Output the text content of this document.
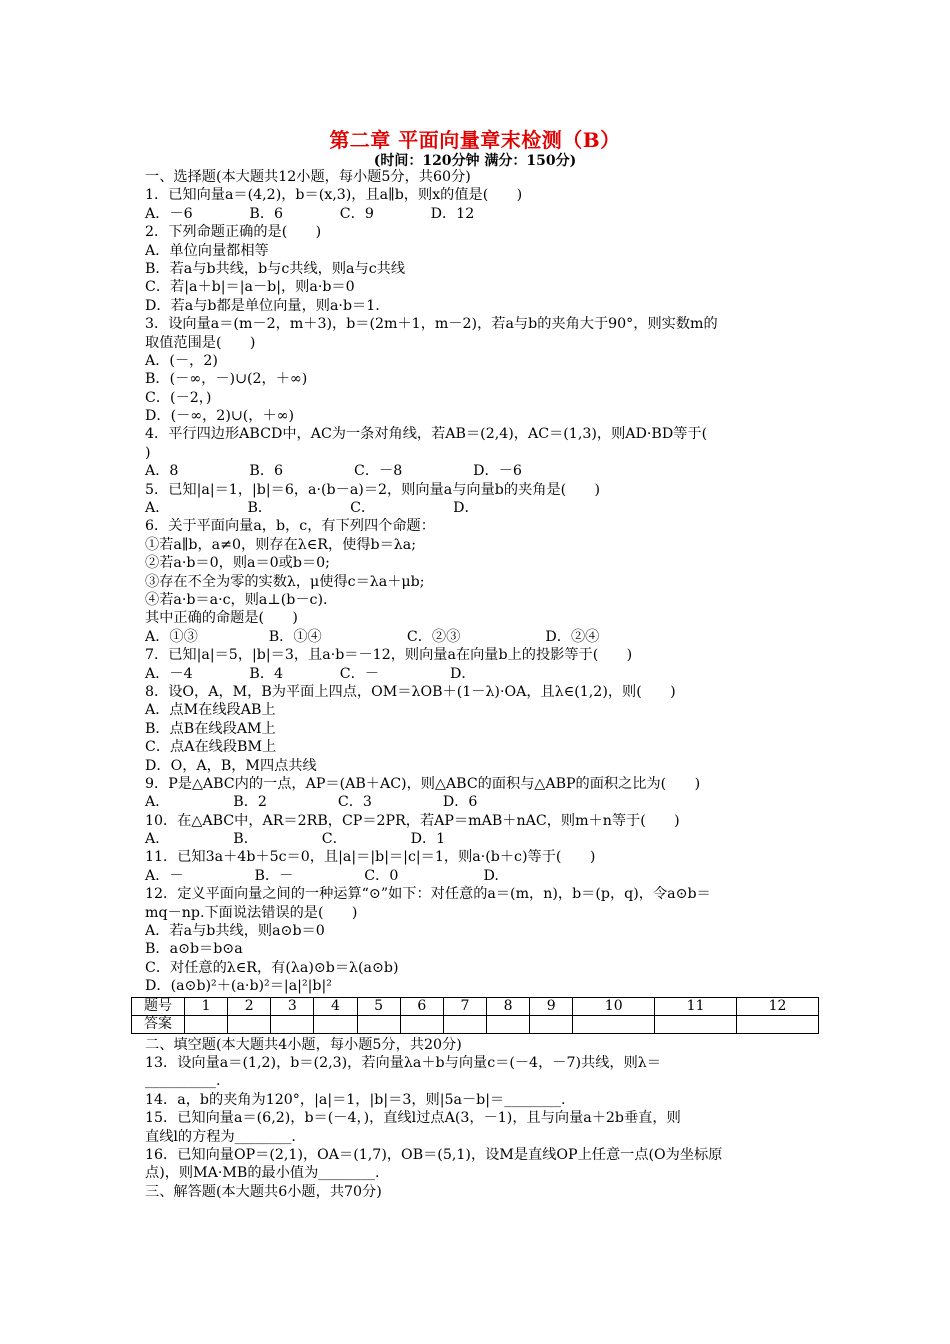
第二章 平面向量章末检测（B）
(时间：120分钟 满分：150分)
一、选择题(本大题共12小题，每小题5分，共60分)
1．已知向量a＝(4,2)，b＝(x,3)，且a∥b，则x的值是(　　)
A．－6　　　　B．6　　　　C．9　　　　D．12
2．下列命题正确的是(　　)
A．单位向量都相等
B．若a与b共线，b与c共线，则a与c共线
C．若|a＋b|＝|a－b|，则a·b＝0
D．若a与b都是单位向量，则a·b＝1.
3．设向量a＝(m－2，m＋3)，b＝(2m＋1，m－2)，若a与b的夹角大于90°，则实数m的
取值范围是(　　)
A．(－，2)
B．(－∞，－)∪(2，＋∞)
C．(－2，)
D．(－∞，2)∪(，＋∞)
4．平行四边形ABCD中，AC为一条对角线，若AB＝(2,4)，AC＝(1,3)，则AD·BD等于(
)
A．8　　　　　B．6　　　　　C．－8　　　　　D．－6
5．已知|a|＝1，|b|＝6，a·(b－a)＝2，则向量a与向量b的夹角是(　　)
A．　　　　　　B．　　　　　　C．　　　　　　D．
6．关于平面向量a，b，c，有下列四个命题：
①若a∥b，a≠0，则存在λ∈R，使得b＝λa;
②若a·b＝0，则a＝0或b＝0;
③存在不全为零的实数λ，μ使得c＝λa＋μb;
④若a·b＝a·c，则a⊥(b－c).
其中正确的命题是(　　)
A．①③　　　　　B．①④　　　　　　C．②③　　　　　　D．②④
7．已知|a|＝5，|b|＝3，且a·b＝－12，则向量a在向量b上的投影等于(　　)
A．－4　　　　B．4　　　　C．－　　　　　D．
8．设O，A，M，B为平面上四点，OM＝λOB＋(1－λ)·OA，且λ∈(1,2)，则(　　)
A．点M在线段AB上
B．点B在线段AM上
C．点A在线段BM上
D．O，A，B，M四点共线
9．P是△ABC内的一点，AP＝(AB＋AC)，则△ABC的面积与△ABP的面积之比为(　　)
A．　　　　　B．2　　　　　C．3　　　　　D．6
10．在△ABC中，AR＝2RB，CP＝2PR，若AP＝mAB＋nAC，则m＋n等于(　　)
A．　　　　　B．　　　　　C．　　　　　D．1
11．已知3a＋4b＋5c＝0，且|a|＝|b|＝|c|＝1，则a·(b＋c)等于(　　)
A．－　　　　　B．－　　　　　C．0　　　　　　D.
12．定义平面向量之间的一种运算“⊙”如下：对任意的a＝(m，n)，b＝(p，q)，令a⊙b＝
mq－np.下面说法错误的是(　　)
A．若a与b共线，则a⊙b＝0
B．a⊙b＝b⊙a
C．对任意的λ∈R，有(λa)⊙b＝λ(a⊙b)
D．(a⊙b)²＋(a·b)²＝|a|²|b|²
题号	1	2	3	4	5	6	7	8	9	10	11	12
答案												
二、填空题(本大题共4小题，每小题5分，共20分)
13．设向量a＝(1,2)，b＝(2,3)，若向量λa＋b与向量c＝(－4，－7)共线，则λ＝
__________.
14．a，b的夹角为120°，|a|＝1，|b|＝3，则|5a－b|＝________.
15．已知向量a＝(6,2)，b＝(－4，)，直线l过点A(3，－1)，且与向量a＋2b垂直，则
直线l的方程为________.
16．已知向量OP＝(2,1)，OA＝(1,7)，OB＝(5,1)，设M是直线OP上任意一点(O为坐标原
点)，则MA·MB的最小值为________.
三、解答题(本大题共6小题，共70分)
